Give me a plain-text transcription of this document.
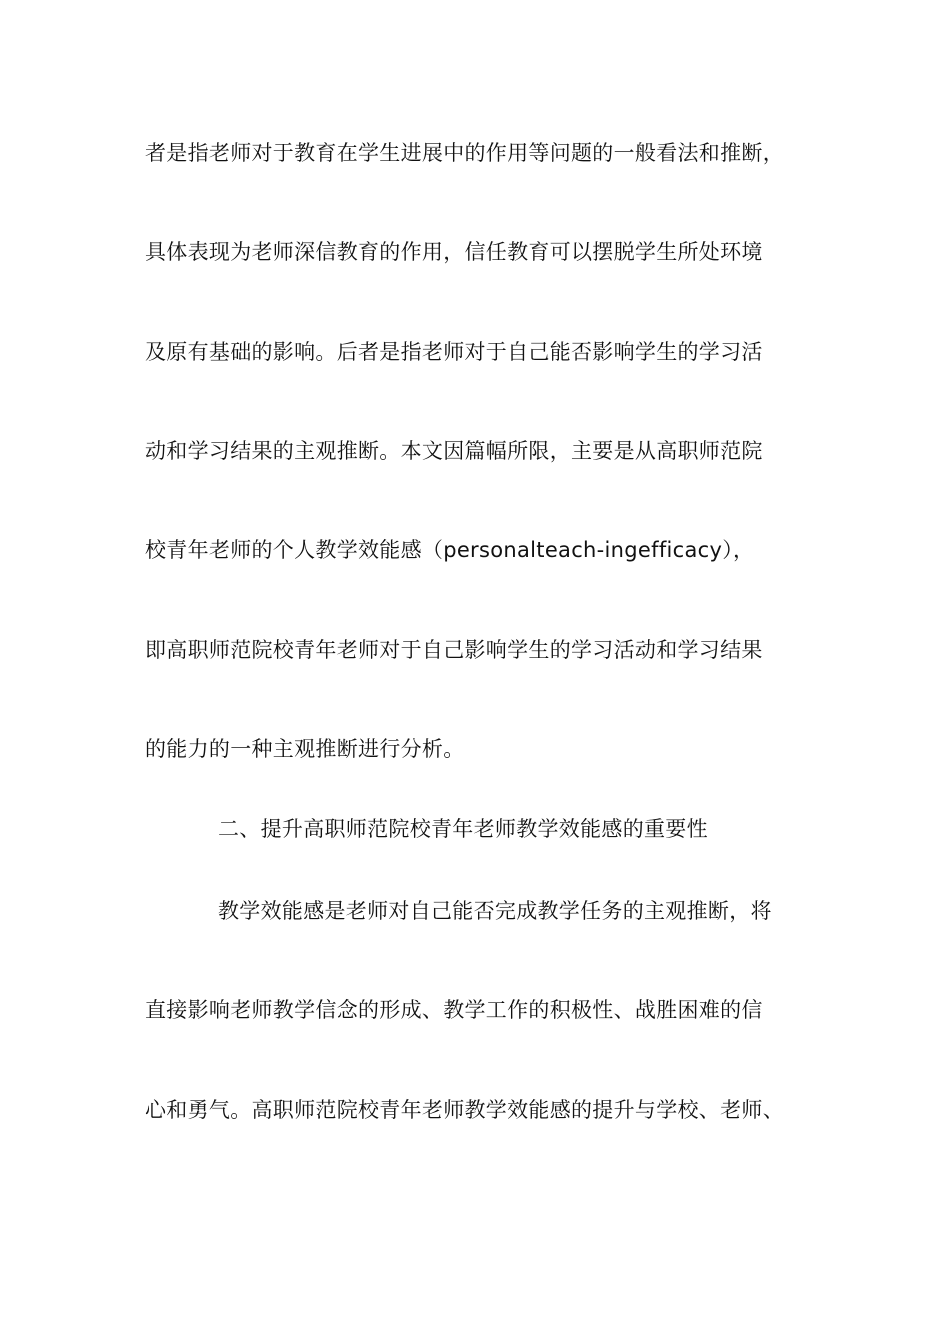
者是指老师对于教育在学生进展中的作用等问题的一般看法和推断，
具体表现为老师深信教育的作用，信任教育可以摆脱学生所处环境
及原有基础的影响。后者是指老师对于自己能否影响学生的学习活
动和学习结果的主观推断。本文因篇幅所限，主要是从高职师范院
校青年老师的个人教学效能感（personalteach-ingefficacy），
即高职师范院校青年老师对于自己影响学生的学习活动和学习结果
的能力的一种主观推断进行分析。
二、提升高职师范院校青年老师教学效能感的重要性
教学效能感是老师对自己能否完成教学任务的主观推断，将
直接影响老师教学信念的形成、教学工作的积极性、战胜困难的信
心和勇气。高职师范院校青年老师教学效能感的提升与学校、老师、
